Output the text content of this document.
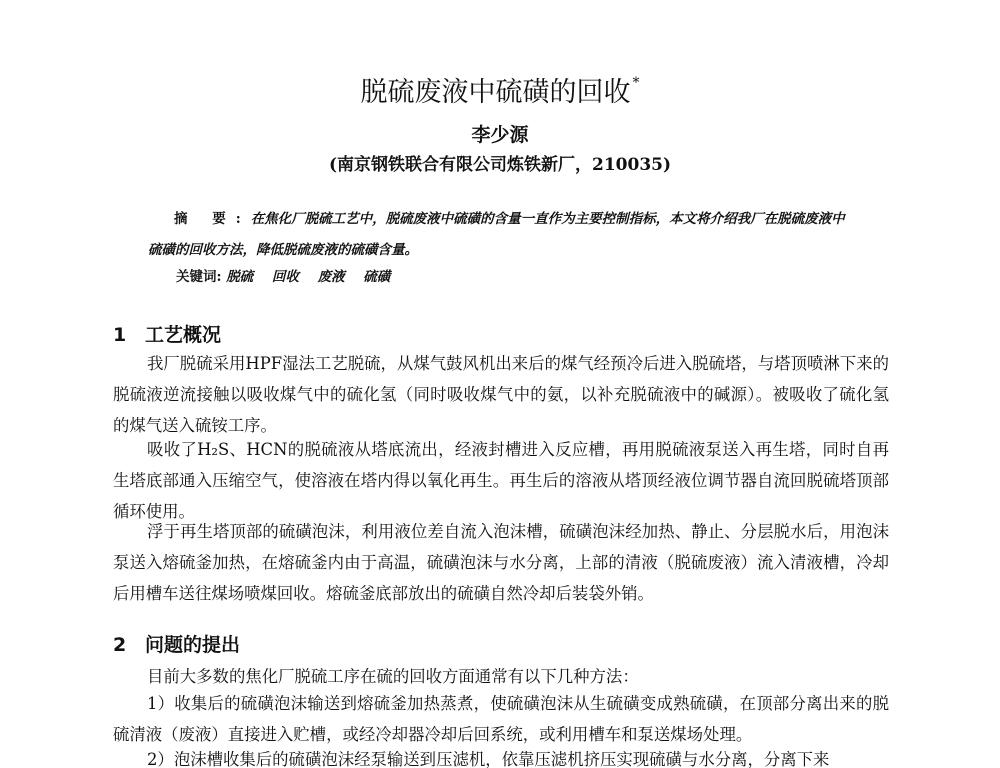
脱硫废液中硫磺的回收 *
李少源
(南京钢铁联合有限公司炼铁新厂，210035)
摘 要:在焦化厂脱硫工艺中，脱硫废液中硫磺的含量一直作为主要控制指标，本文将介绍我厂在脱硫废液中硫磺的回收方法，降低脱硫废液的硫磺含量。
关键词: 脱硫 回收 废液 硫磺
1 工艺概况

我厂脱硫采用HPF湿法工艺脱硫，从煤气鼓风机出来后的煤气经预冷后进入脱硫塔，与塔顶喷淋下来的脱硫液逆流接触以吸收煤气中的硫化氢（同时吸收煤气中的氨，以补充脱硫液中的碱源）。被吸收了硫化氢的煤气送入硫铵工序。

吸收了H₂S、HCN的脱硫液从塔底流出，经液封槽进入反应槽，再用脱硫液泵送入再生塔，同时自再生塔底部通入压缩空气，使溶液在塔内得以氧化再生。再生后的溶液从塔顶经液位调节器自流回脱硫塔顶部循环使用。

浮于再生塔顶部的硫磺泡沫，利用液位差自流入泡沫槽，硫磺泡沫经加热、静止、分层脱水后，用泡沫泵送入熔硫釜加热，在熔硫釜内由于高温，硫磺泡沫与水分离，上部的清液（脱硫废液）流入清液槽，冷却后用槽车送往煤场喷煤回收。熔硫釜底部放出的硫磺自然冷却后装袋外销。

2 问题的提出

目前大多数的焦化厂脱硫工序在硫的回收方面通常有以下几种方法：

1）收集后的硫磺泡沫输送到熔硫釜加热蒸煮，使硫磺泡沫从生硫磺变成熟硫磺，在顶部分离出来的脱硫清液（废液）直接进入贮槽，或经冷却器冷却后回系统，或利用槽车和泵送煤场处理。

2）泡沫槽收集后的硫磺泡沫经泵输送到压滤机，依靠压滤机挤压实现硫磺与水分离，分离下来
